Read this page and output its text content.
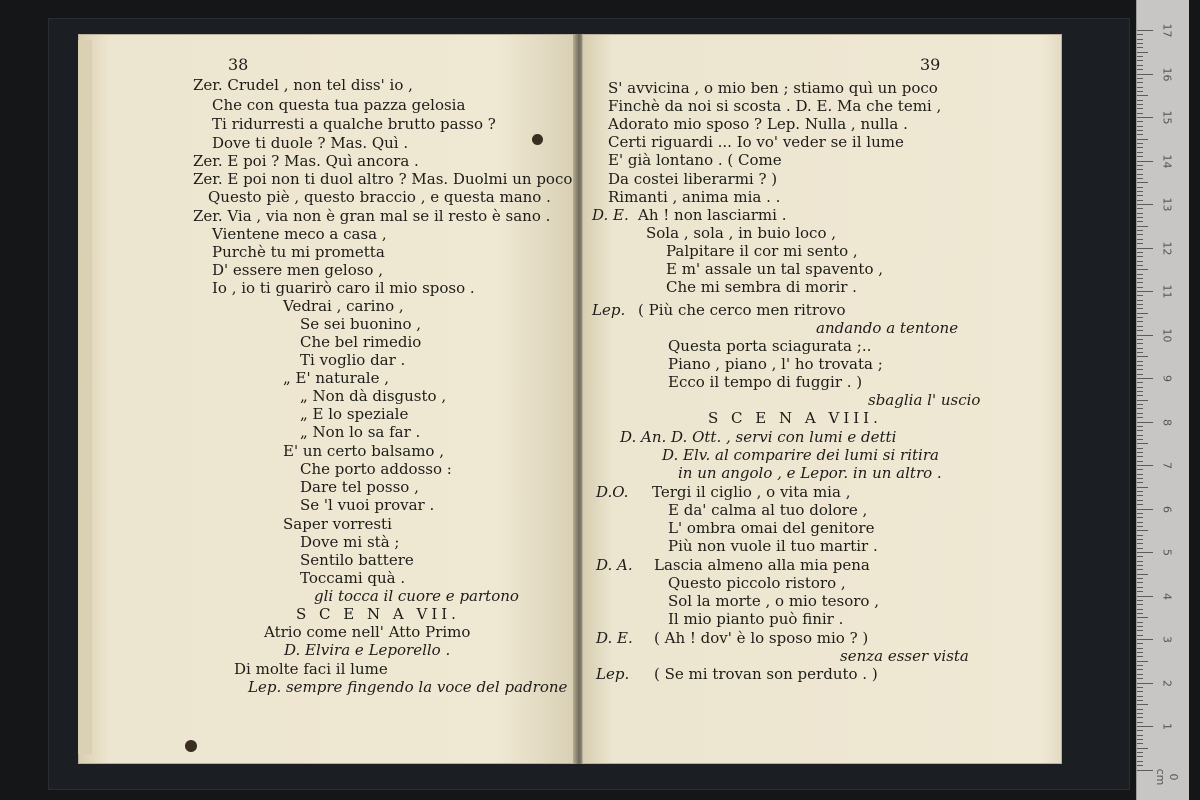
38
Zer. Crudel , non tel diss' io ,
Che con questa tua pazza gelosia
Ti ridurresti a qualche brutto passo ?
Dove ti duole ? Mas. Quì .
Zer. E poi ? Mas. Quì ancora .
Zer. E poi non ti duol altro ? Mas. Duolmi un poco
Questo piè , questo braccio , e questa mano .
Zer. Via , via non è gran mal se il resto è sano .
Vientene meco a casa ,
Purchè tu mi prometta
D' essere men geloso ,
Io , io ti guarirò caro il mio sposo .
Vedrai , carino ,
Se sei buonino ,
Che bel rimedio
Ti voglio dar .
„ E' naturale ,
„ Non dà disgusto ,
„ E lo speziale
„ Non lo sa far .
E' un certo balsamo ,
Che porto addosso :
Dare tel posso ,
Se 'l vuoi provar .
Saper vorresti
Dove mi stà ;
Sentilo battere
Toccami quà .
gli tocca il cuore e partono
S C E N A VII.
Atrio come nell' Atto Primo
D. Elvira e Leporello .
Di molte faci il lume
Lep. sempre fingendo la voce del padrone
39
S' avvicina , o mio ben ; stiamo quì un poco
Finchè da noi si scosta . D. E. Ma che temi ,
Adorato mio sposo ? Lep. Nulla , nulla .
Certi riguardi ... Io vo' veder se il lume
E' già lontano . ( Come
Da costei liberarmi ? )
Rimanti , anima mia . .
D. E. Ah ! non lasciarmi .
Sola , sola , in buio loco ,
Palpitare il cor mi sento ,
E m' assale un tal spavento ,
Che mi sembra di morir .
Lep. ( Più che cerco men ritrovo
andando a tentone
Questa porta sciagurata ;..
Piano , piano , l' ho trovata ;
Ecco il tempo di fuggir . )
sbaglia l' uscio
S C E N A VIII.
D. An. D. Ott. , servi con lumi e detti
D. Elv. al comparire dei lumi si ritira
in un angolo , e Lepor. in un altro .
D.O. Tergi il ciglio , o vita mia ,
E da' calma al tuo dolore ,
L' ombra omai del genitore
Più non vuole il tuo martir .
D. A. Lascia almeno alla mia pena
Questo piccolo ristoro ,
Sol la morte , o mio tesoro ,
Il mio pianto può finir .
D. E. ( Ah ! dov' è lo sposo mio ? )
senza esser vista
Lep. ( Se mi trovan son perduto . )
17
16
15
14
13
12
11
10
9
8
7
6
5
4
3
2
1
0 cm
